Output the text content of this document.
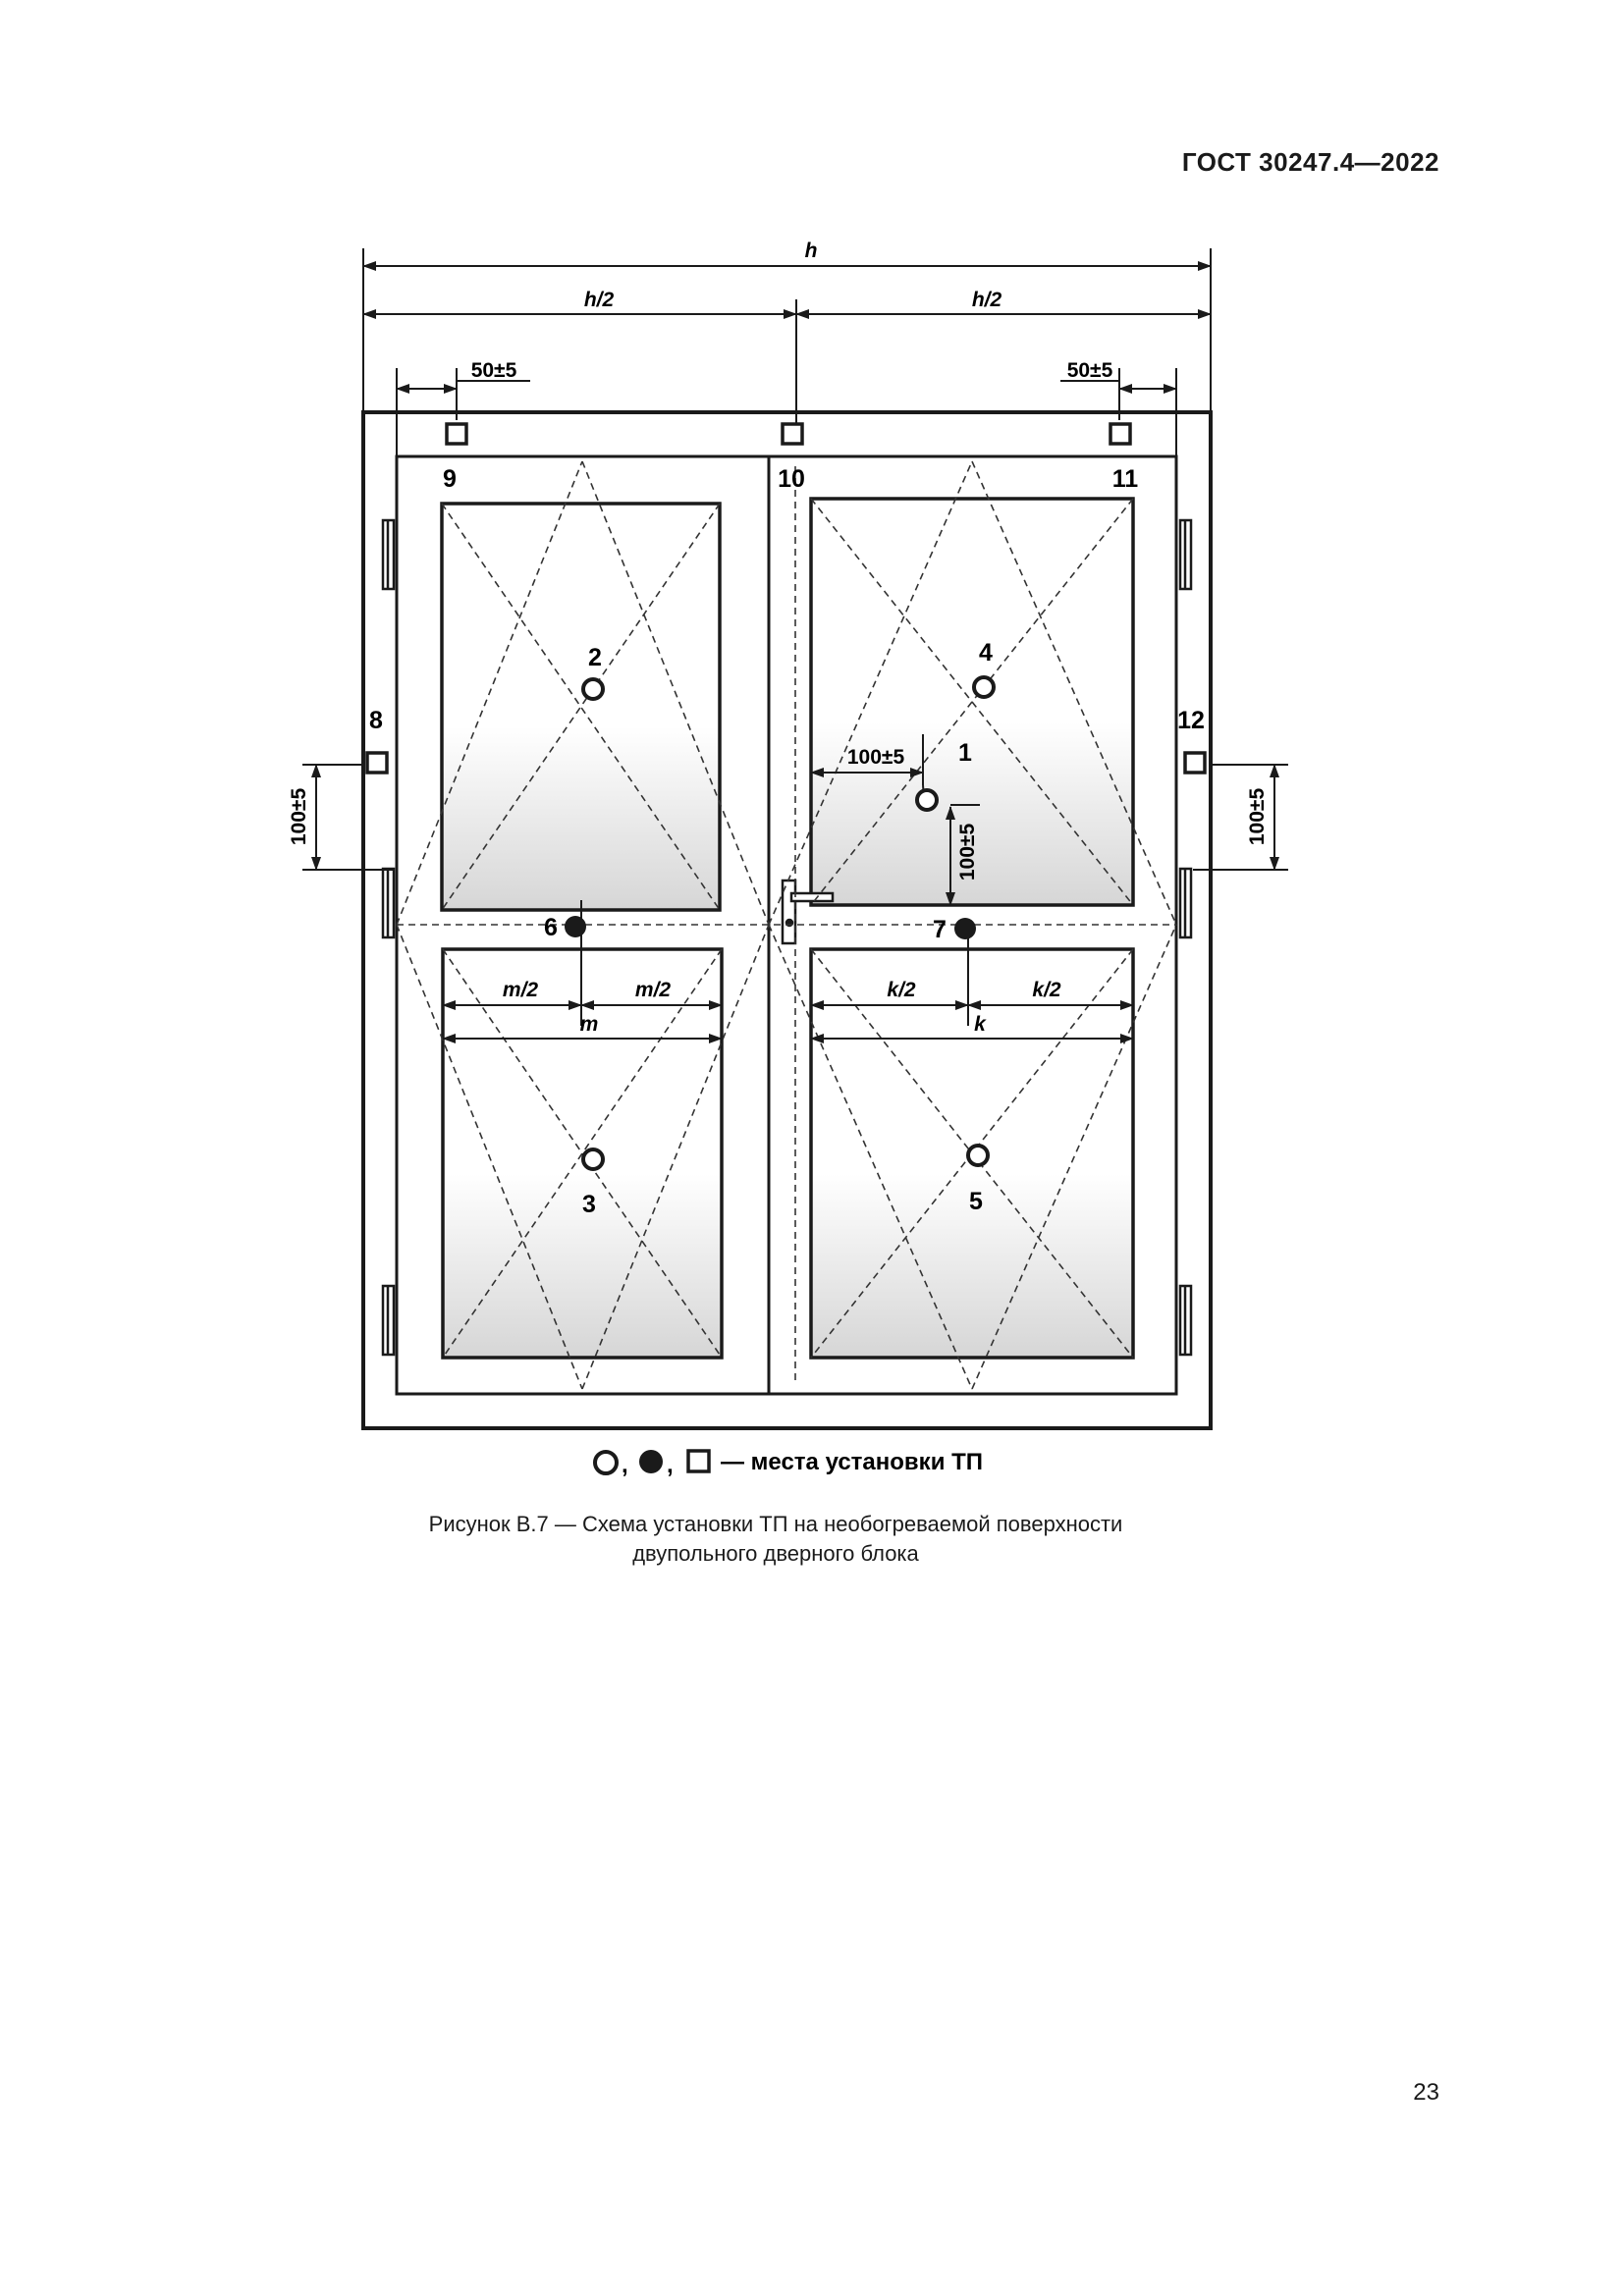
ГОСТ 30247.4—2022
h
h/2	h/2
50±5	50±5
100±5	100±5
100±5
100±5
m/2	m/2
m
k/2	k/2
k
1
2
3
4
5
6	7
8
9	10	11
12
, , — места установки ТП
Рисунок В.7 — Схема установки ТП на необогреваемой поверхности
двупольного дверного блока
23
